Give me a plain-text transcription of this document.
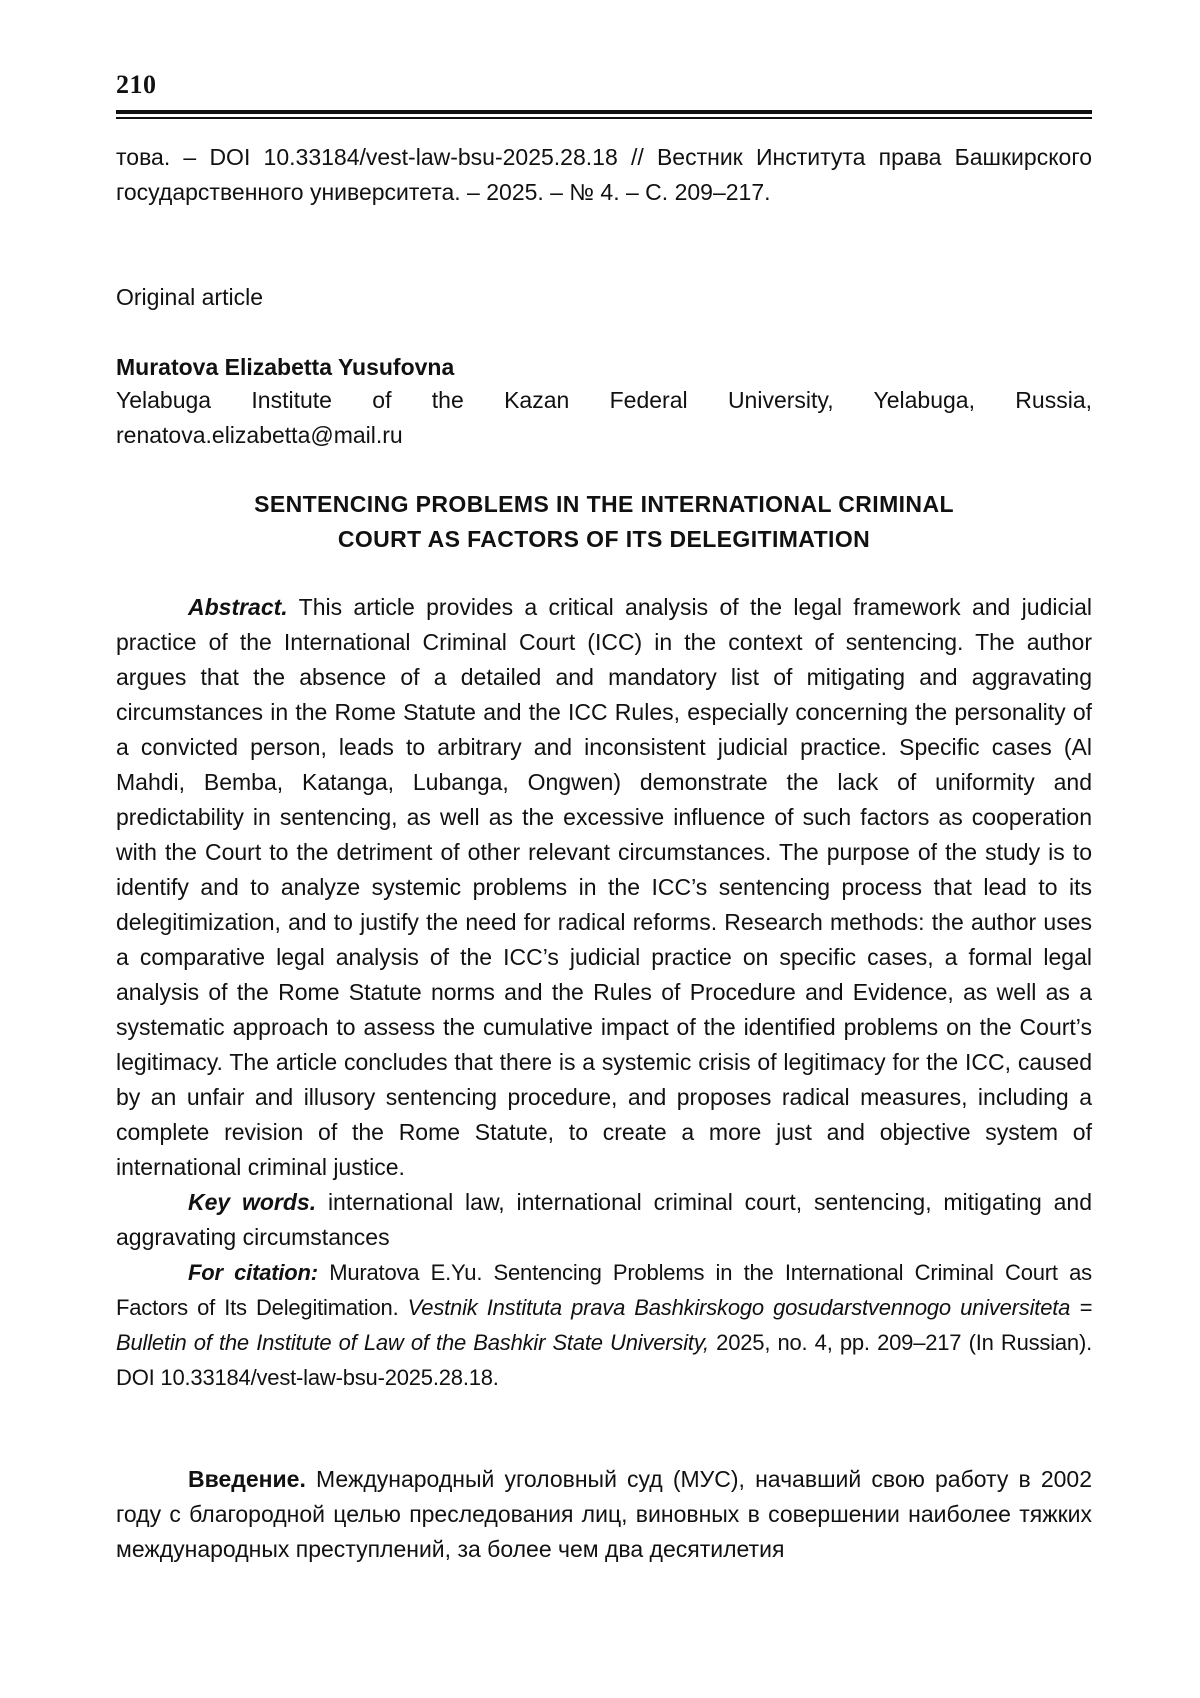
210

това. – DOI 10.33184/vest-law-bsu-2025.28.18 // Вестник Института права Башкирского государственного университета. – 2025. – № 4. – С. 209–217.

Original article
Muratova Elizabetta Yusufovna

Yelabuga Institute of the Kazan Federal University, Yelabuga, Russia, renatova.elizabetta@mail.ru

SENTENCING PROBLEMS IN THE INTERNATIONAL CRIMINAL
COURT AS FACTORS OF ITS DELEGITIMATION

Abstract. This article provides a critical analysis of the legal framework and judicial practice of the International Criminal Court (ICC) in the context of sentencing. The author argues that the absence of a detailed and mandatory list of mitigating and aggravating circumstances in the Rome Statute and the ICC Rules, especially concerning the personality of a convicted person, leads to arbitrary and inconsistent judicial practice. Specific cases (Al Mahdi, Bemba, Katanga, Lubanga, Ongwen) demonstrate the lack of uniformity and predictability in sentencing, as well as the excessive influence of such factors as cooperation with the Court to the detriment of other relevant circumstances. The purpose of the study is to identify and to analyze systemic problems in the ICC’s sentencing process that lead to its delegitimization, and to justify the need for radical reforms. Research methods: the author uses a comparative legal analysis of the ICC’s judicial practice on specific cases, a formal legal analysis of the Rome Statute norms and the Rules of Procedure and Evidence, as well as a systematic approach to assess the cumulative impact of the identified problems on the Court’s legitimacy. The article concludes that there is a systemic crisis of legitimacy for the ICC, caused by an unfair and illusory sentencing procedure, and proposes radical measures, including a complete revision of the Rome Statute, to create a more just and objective system of international criminal justice.

Key words. international law, international criminal court, sentencing, mitigating and aggravating circumstances

For citation: Muratova E.Yu. Sentencing Problems in the International Criminal Court as Factors of Its Delegitimation. Vestnik Instituta prava Bashkirskogo gosudarstvennogo universiteta = Bulletin of the Institute of Law of the Bashkir State University, 2025, no. 4, pp. 209–217 (In Russian). DOI 10.33184/vest-law-bsu-2025.28.18.

Введение. Международный уголовный суд (МУС), начавший свою работу в 2002 году с благородной целью преследования лиц, виновных в совершении наиболее тяжких международных преступлений, за более чем два десятилетия
